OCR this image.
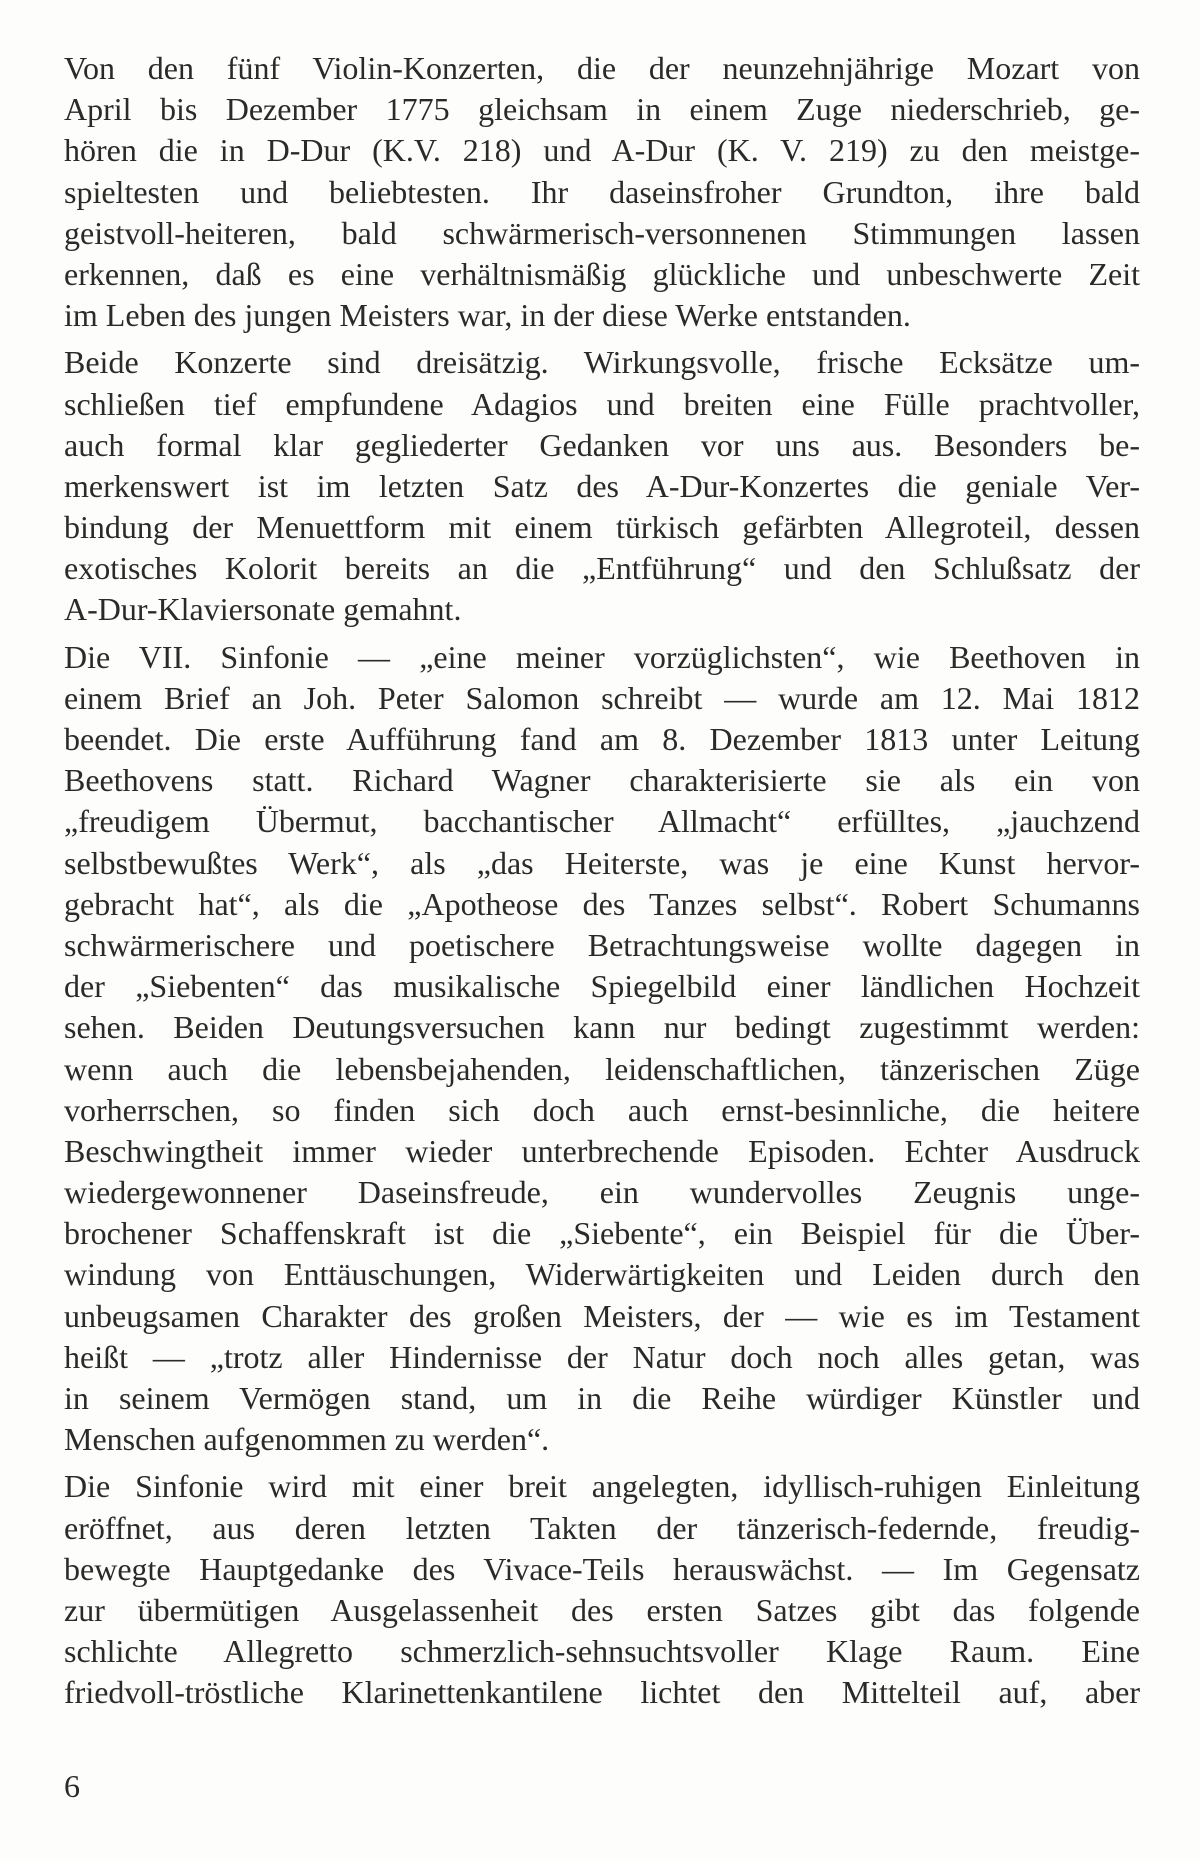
Von den fünf Violin-Konzerten, die der neunzehnjährige Mozart von
April bis Dezember 1775 gleichsam in einem Zuge niederschrieb, ge-
hören die in D-Dur (K.V. 218) und A-Dur (K. V. 219) zu den meistge-
spieltesten und beliebtesten. Ihr daseinsfroher Grundton, ihre bald
geistvoll-heiteren, bald schwärmerisch-versonnenen Stimmungen lassen
erkennen, daß es eine verhältnismäßig glückliche und unbeschwerte Zeit
im Leben des jungen Meisters war, in der diese Werke entstanden.
Beide Konzerte sind dreisätzig. Wirkungsvolle, frische Ecksätze um-
schließen tief empfundene Adagios und breiten eine Fülle prachtvoller,
auch formal klar gegliederter Gedanken vor uns aus. Besonders be-
merkenswert ist im letzten Satz des A-Dur-Konzertes die geniale Ver-
bindung der Menuettform mit einem türkisch gefärbten Allegroteil, dessen
exotisches Kolorit bereits an die „Entführung“ und den Schlußsatz der
A-Dur-Klaviersonate gemahnt.
Die VII. Sinfonie — „eine meiner vorzüglichsten“, wie Beethoven in
einem Brief an Joh. Peter Salomon schreibt — wurde am 12. Mai 1812
beendet. Die erste Aufführung fand am 8. Dezember 1813 unter Leitung
Beethovens statt. Richard Wagner charakterisierte sie als ein von
„freudigem Übermut, bacchantischer Allmacht“ erfülltes, „jauchzend
selbstbewußtes Werk“, als „das Heiterste, was je eine Kunst hervor-
gebracht hat“, als die „Apotheose des Tanzes selbst“. Robert Schumanns
schwärmerischere und poetischere Betrachtungsweise wollte dagegen in
der „Siebenten“ das musikalische Spiegelbild einer ländlichen Hochzeit
sehen. Beiden Deutungsversuchen kann nur bedingt zugestimmt werden:
wenn auch die lebensbejahenden, leidenschaftlichen, tänzerischen Züge
vorherrschen, so finden sich doch auch ernst-besinnliche, die heitere
Beschwingtheit immer wieder unterbrechende Episoden. Echter Ausdruck
wiedergewonnener Daseinsfreude, ein wundervolles Zeugnis unge-
brochener Schaffenskraft ist die „Siebente“, ein Beispiel für die Über-
windung von Enttäuschungen, Widerwärtigkeiten und Leiden durch den
unbeugsamen Charakter des großen Meisters, der — wie es im Testament
heißt — „trotz aller Hindernisse der Natur doch noch alles getan, was
in seinem Vermögen stand, um in die Reihe würdiger Künstler und
Menschen aufgenommen zu werden“.
Die Sinfonie wird mit einer breit angelegten, idyllisch-ruhigen Einleitung
eröffnet, aus deren letzten Takten der tänzerisch-federnde, freudig-
bewegte Hauptgedanke des Vivace-Teils herauswächst. — Im Gegensatz
zur übermütigen Ausgelassenheit des ersten Satzes gibt das folgende
schlichte Allegretto schmerzlich-sehnsuchtsvoller Klage Raum. Eine
friedvoll-tröstliche Klarinettenkantilene lichtet den Mittelteil auf, aber
6
